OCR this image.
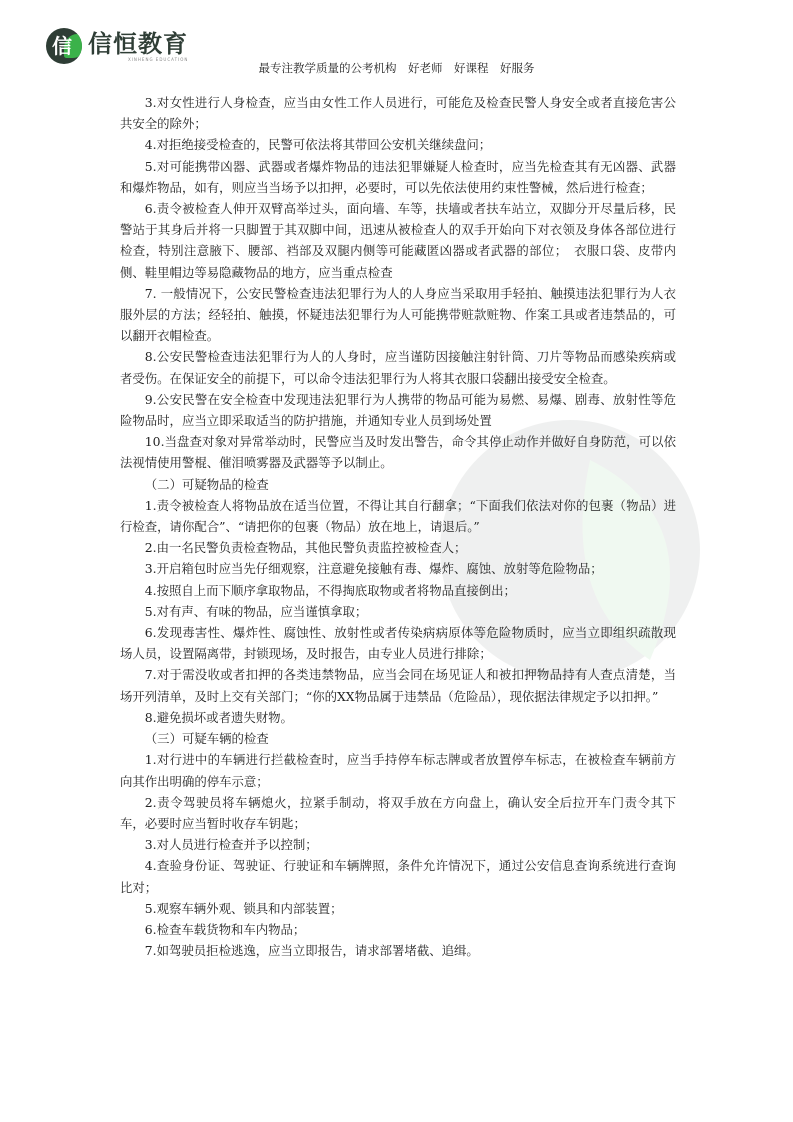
信 信恒教育
XINHENG EDUCATION
最专注教学质量的公考机构　好老师　好课程　好服务

3.对女性进行人身检查，应当由女性工作人员进行，可能危及检查民警人身安全或者直接危害公共安全的除外；

4.对拒绝接受检查的，民警可依法将其带回公安机关继续盘问；

5.对可能携带凶器、武器或者爆炸物品的违法犯罪嫌疑人检查时，应当先检查其有无凶器、武器和爆炸物品，如有，则应当当场予以扣押，必要时，可以先依法使用约束性警械，然后进行检查；

6.责令被检查人伸开双臂高举过头，面向墙、车等，扶墙或者扶车站立，双脚分开尽量后移，民警站于其身后并将一只脚置于其双脚中间，迅速从被检查人的双手开始向下对衣领及身体各部位进行检查，特别注意腋下、腰部、裆部及双腿内侧等可能藏匿凶器或者武器的部位；　衣服口袋、皮带内侧、鞋里帽边等易隐藏物品的地方，应当重点检查

7. 一般情况下，公安民警检查违法犯罪行为人的人身应当采取用手轻拍、触摸违法犯罪行为人衣服外层的方法；经轻拍、触摸，怀疑违法犯罪行为人可能携带赃款赃物、作案工具或者违禁品的，可以翻开衣帽检查。

8.公安民警检查违法犯罪行为人的人身时，应当谨防因接触注射针筒、刀片等物品而感染疾病或者受伤。在保证安全的前提下，可以命令违法犯罪行为人将其衣服口袋翻出接受安全检查。

9.公安民警在安全检查中发现违法犯罪行为人携带的物品可能为易燃、易爆、剧毒、放射性等危险物品时，应当立即采取适当的防护措施，并通知专业人员到场处置

10.当盘查对象对异常举动时，民警应当及时发出警告，命令其停止动作并做好自身防范，可以依法视情使用警棍、催泪喷雾器及武器等予以制止。

（二）可疑物品的检查

1.责令被检查人将物品放在适当位置，不得让其自行翻拿；“下面我们依法对你的包裹（物品）进行检查，请你配合”、“请把你的包裹（物品）放在地上，请退后。”

2.由一名民警负责检查物品，其他民警负责监控被检查人；

3.开启箱包时应当先仔细观察，注意避免接触有毒、爆炸、腐蚀、放射等危险物品；

4.按照自上而下顺序拿取物品，不得掏底取物或者将物品直接倒出；

5.对有声、有味的物品，应当谨慎拿取；

6.发现毒害性、爆炸性、腐蚀性、放射性或者传染病病原体等危险物质时，应当立即组织疏散现场人员，设置隔离带，封锁现场，及时报告，由专业人员进行排除；

7.对于需没收或者扣押的各类违禁物品，应当会同在场见证人和被扣押物品持有人查点清楚，当场开列清单，及时上交有关部门；“你的XX物品属于违禁品（危险品），现依据法律规定予以扣押。”

8.避免损坏或者遗失财物。

（三）可疑车辆的检查

1.对行进中的车辆进行拦截检查时，应当手持停车标志牌或者放置停车标志，在被检查车辆前方向其作出明确的停车示意；

2.责令驾驶员将车辆熄火，拉紧手制动，将双手放在方向盘上，确认安全后拉开车门责令其下车，必要时应当暂时收存车钥匙；

3.对人员进行检查并予以控制；

4.查验身份证、驾驶证、行驶证和车辆牌照，条件允许情况下，通过公安信息查询系统进行查询比对；

5.观察车辆外观、锁具和内部装置；

6.检查车载货物和车内物品；

7.如驾驶员拒检逃逸，应当立即报告，请求部署堵截、追缉。
